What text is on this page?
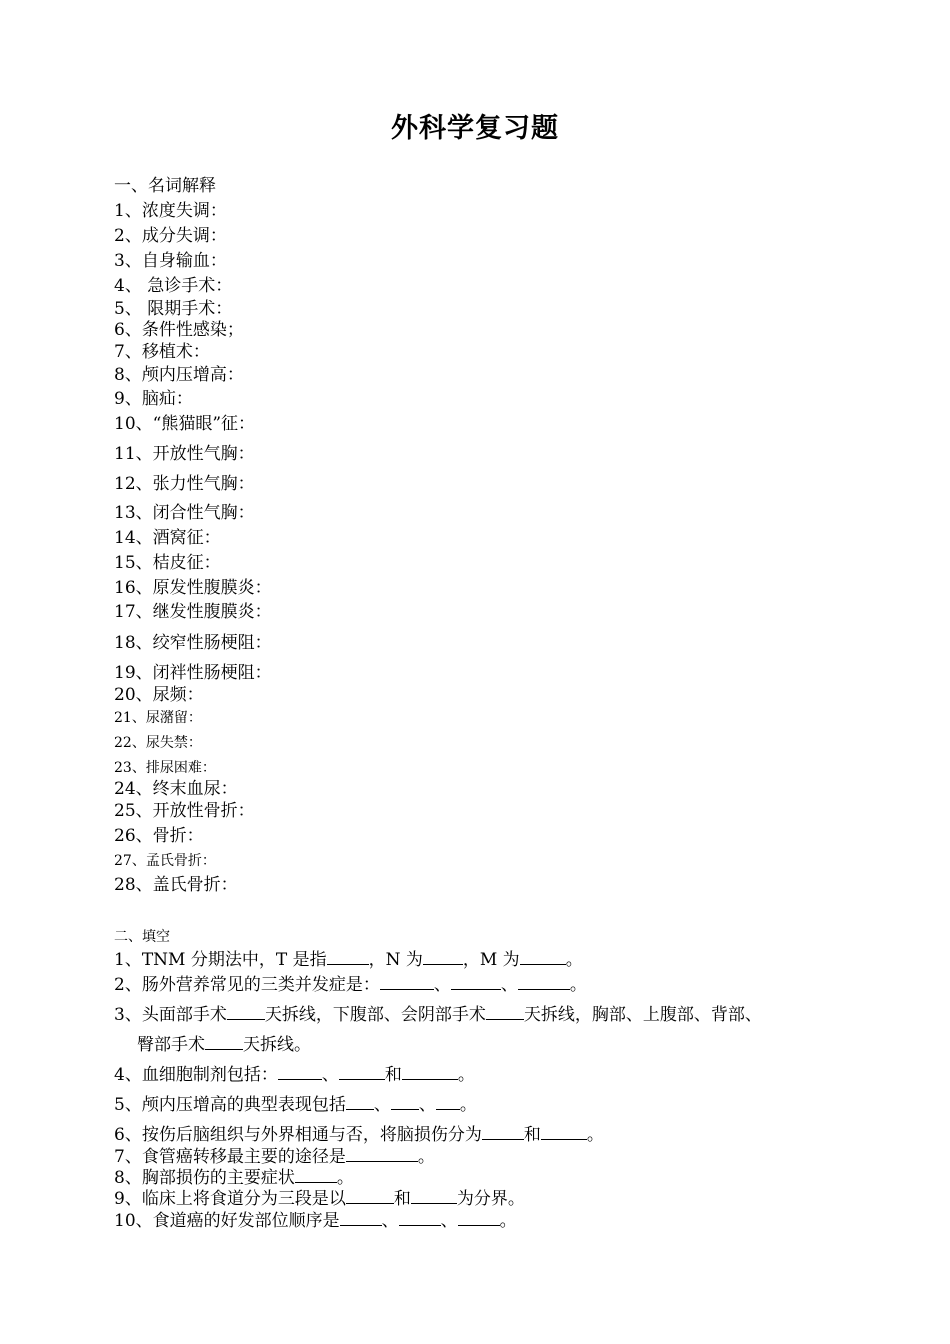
外科学复习题
一、名词解释
1、浓度失调：
2、成分失调：
3、自身输血：
4、 急诊手术：
5、 限期手术：
6、条件性感染；
7、移植术：
8、颅内压增高：
9、脑疝：
10、“熊猫眼”征：
11、开放性气胸：
12、张力性气胸：
13、闭合性气胸：
14、酒窝征：
15、桔皮征：
16、原发性腹膜炎：
17、继发性腹膜炎：
18、绞窄性肠梗阻：
19、闭袢性肠梗阻：
20、尿频：
21、尿潴留：
22、尿失禁：
23、排尿困难：
24、终末血尿：
25、开放性骨折：
26、骨折：
27、孟氏骨折：
28、盖氏骨折：
二、填空
1、TNM 分期法中，T 是指 ，N 为 ，M 为	。
2、肠外营养常见的三类并发症是：	、	、	。
3、头面部手术 天拆线，下腹部、会阴部手术 天拆线，胸部、上腹部、背部、
臀部手术 天拆线。
4、血细胞制剂包括：	、	和	。
5、颅内压增高的典型表现包括 、 、 。
6、按伤后脑组织与外界相通与否，将脑损伤分为 和	。
7、食管癌转移最主要的途径是	。
8、胸部损伤的主要症状 。
9、临床上将食道分为三段是以	和	为分界。
10、食道癌的好发部位顺序是 、 、 。
